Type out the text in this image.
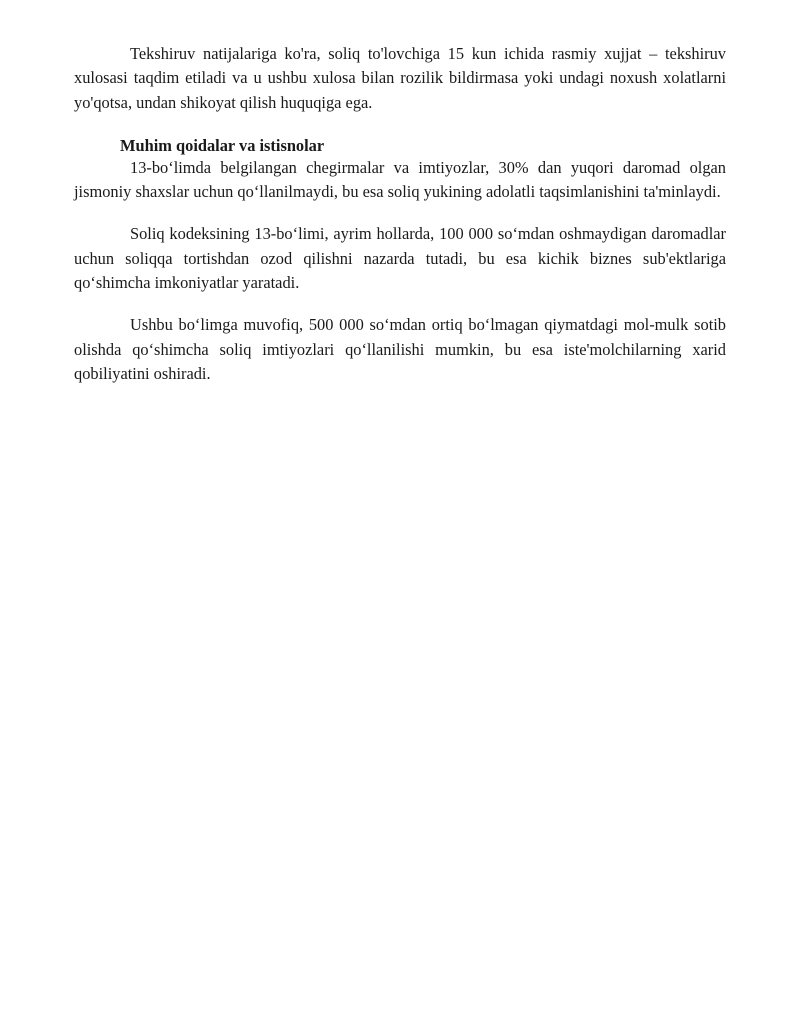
Tekshiruv natijalariga ko'ra, soliq to'lovchiga 15 kun ichida rasmiy xujjat – tekshiruv xulosasi taqdim etiladi va u ushbu xulosa bilan rozilik bildirmasa yoki undagi noxush xolatlarni yo'qotsa, undan shikoyat qilish huquqiga ega.

Muhim qoidalar va istisnolar

13-bo‘limda belgilangan chegirmalar va imtiyozlar, 30% dan yuqori daromad olgan jismoniy shaxslar uchun qo‘llanilmaydi, bu esa soliq yukining adolatli taqsimlanishini ta'minlaydi.

Soliq kodeksining 13-bo‘limi, ayrim hollarda, 100 000 so‘mdan oshmaydigan daromadlar uchun soliqqa tortishdan ozod qilishni nazarda tutadi, bu esa kichik biznes sub'ektlariga qo‘shimcha imkoniyatlar yaratadi.

Ushbu bo‘limga muvofiq, 500 000 so‘mdan ortiq bo‘lmagan qiymatdagi mol-mulk sotib olishda qo‘shimcha soliq imtiyozlari qo‘llanilishi mumkin, bu esa iste'molchilarning xarid qobiliyatini oshiradi.
